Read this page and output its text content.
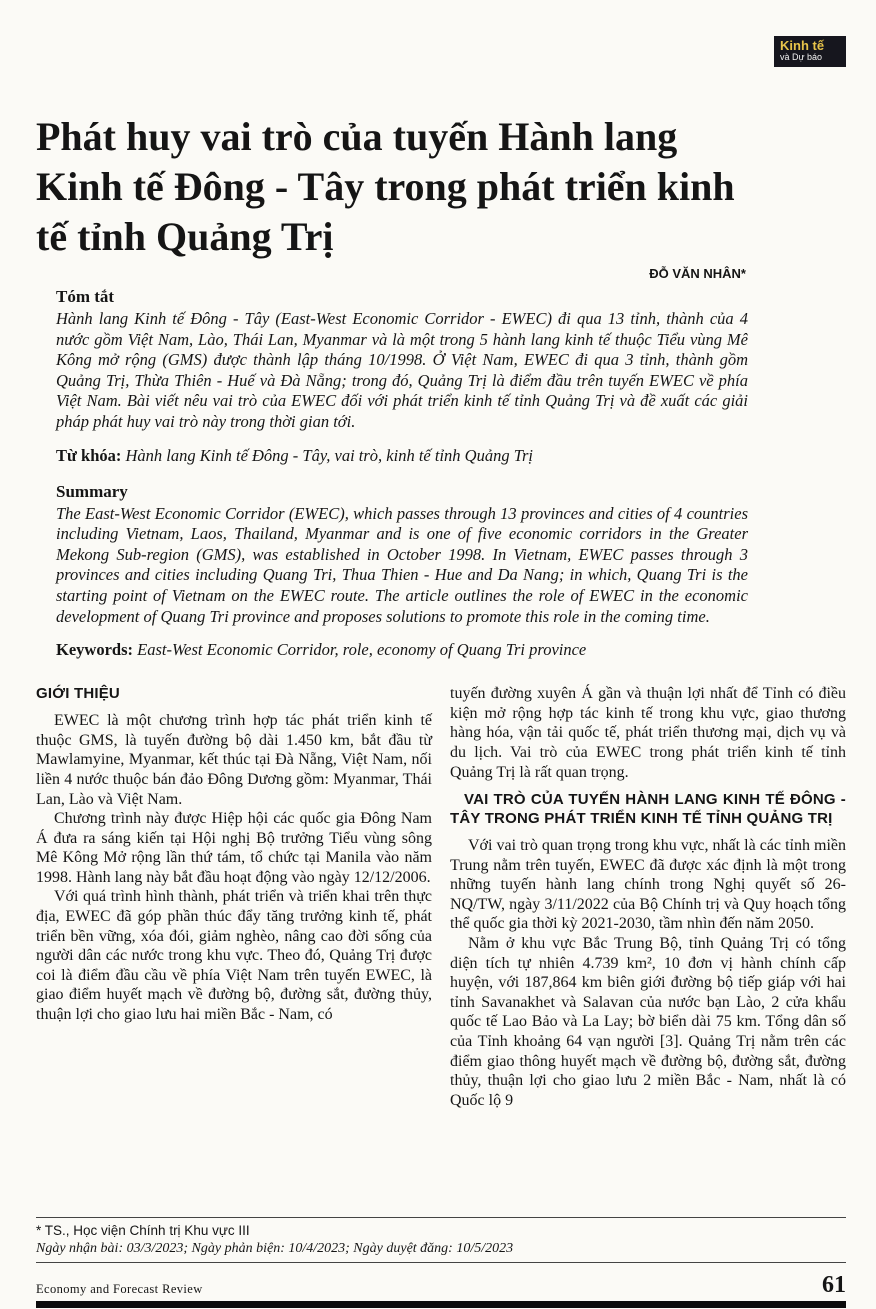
Kinh tế
và Dự báo
Phát huy vai trò của tuyến Hành lang Kinh tế Đông - Tây trong phát triển kinh tế tỉnh Quảng Trị
ĐỖ VĂN NHÂN*
Tóm tắt

Hành lang Kinh tế Đông - Tây (East-West Economic Corridor - EWEC) đi qua 13 tỉnh, thành của 4 nước gồm Việt Nam, Lào, Thái Lan, Myanmar và là một trong 5 hành lang kinh tế thuộc Tiểu vùng Mê Kông mở rộng (GMS) được thành lập tháng 10/1998. Ở Việt Nam, EWEC đi qua 3 tỉnh, thành gồm Quảng Trị, Thừa Thiên - Huế và Đà Nẵng; trong đó, Quảng Trị là điểm đầu trên tuyến EWEC về phía Việt Nam. Bài viết nêu vai trò của EWEC đối với phát triển kinh tế tỉnh Quảng Trị và đề xuất các giải pháp phát huy vai trò này trong thời gian tới.

Từ khóa: Hành lang Kinh tế Đông - Tây, vai trò, kinh tế tỉnh Quảng Trị

Summary

The East-West Economic Corridor (EWEC), which passes through 13 provinces and cities of 4 countries including Vietnam, Laos, Thailand, Myanmar and is one of five economic corridors in the Greater Mekong Sub-region (GMS), was established in October 1998. In Vietnam, EWEC passes through 3 provinces and cities including Quang Tri, Thua Thien - Hue and Da Nang; in which, Quang Tri is the starting point of Vietnam on the EWEC route. The article outlines the role of EWEC in the economic development of Quang Tri province and proposes solutions to promote this role in the coming time.

Keywords: East-West Economic Corridor, role, economy of Quang Tri province

GIỚI THIỆU

EWEC là một chương trình hợp tác phát triển kinh tế thuộc GMS, là tuyến đường bộ dài 1.450 km, bắt đầu từ Mawlamyine, Myanmar, kết thúc tại Đà Nẵng, Việt Nam, nối liền 4 nước thuộc bán đảo Đông Dương gồm: Myanmar, Thái Lan, Lào và Việt Nam.

Chương trình này được Hiệp hội các quốc gia Đông Nam Á đưa ra sáng kiến tại Hội nghị Bộ trưởng Tiểu vùng sông Mê Kông Mở rộng lần thứ tám, tổ chức tại Manila vào năm 1998. Hành lang này bắt đầu hoạt động vào ngày 12/12/2006.

Với quá trình hình thành, phát triển và triển khai trên thực địa, EWEC đã góp phần thúc đẩy tăng trưởng kinh tế, phát triển bền vững, xóa đói, giảm nghèo, nâng cao đời sống của người dân các nước trong khu vực. Theo đó, Quảng Trị được coi là điểm đầu cầu về phía Việt Nam trên tuyến EWEC, là giao điểm huyết mạch về đường bộ, đường sắt, đường thủy, thuận lợi cho giao lưu hai miền Bắc - Nam, có

tuyến đường xuyên Á gần và thuận lợi nhất để Tỉnh có điều kiện mở rộng hợp tác kinh tế trong khu vực, giao thương hàng hóa, vận tải quốc tế, phát triển thương mại, dịch vụ và du lịch. Vai trò của EWEC trong phát triển kinh tế tỉnh Quảng Trị là rất quan trọng.

VAI TRÒ CỦA TUYẾN HÀNH LANG KINH TẾ ĐÔNG - TÂY TRONG PHÁT TRIỂN KINH TẾ TỈNH QUẢNG TRỊ

Với vai trò quan trọng trong khu vực, nhất là các tỉnh miền Trung nằm trên tuyến, EWEC đã được xác định là một trong những tuyến hành lang chính trong Nghị quyết số 26-NQ/TW, ngày 3/11/2022 của Bộ Chính trị và Quy hoạch tổng thể quốc gia thời kỳ 2021-2030, tầm nhìn đến năm 2050.

Nằm ở khu vực Bắc Trung Bộ, tỉnh Quảng Trị có tổng diện tích tự nhiên 4.739 km², 10 đơn vị hành chính cấp huyện, với 187,864 km biên giới đường bộ tiếp giáp với hai tỉnh Savanakhet và Salavan của nước bạn Lào, 2 cửa khẩu quốc tế Lao Bảo và La Lay; bờ biển dài 75 km. Tổng dân số của Tỉnh khoảng 64 vạn người [3]. Quảng Trị nằm trên các điểm giao thông huyết mạch về đường bộ, đường sắt, đường thủy, thuận lợi cho giao lưu 2 miền Bắc - Nam, nhất là có Quốc lộ 9

* TS., Học viện Chính trị Khu vực III
Ngày nhận bài: 03/3/2023; Ngày phản biện: 10/4/2023; Ngày duyệt đăng: 10/5/2023
Economy and Forecast Review	61
